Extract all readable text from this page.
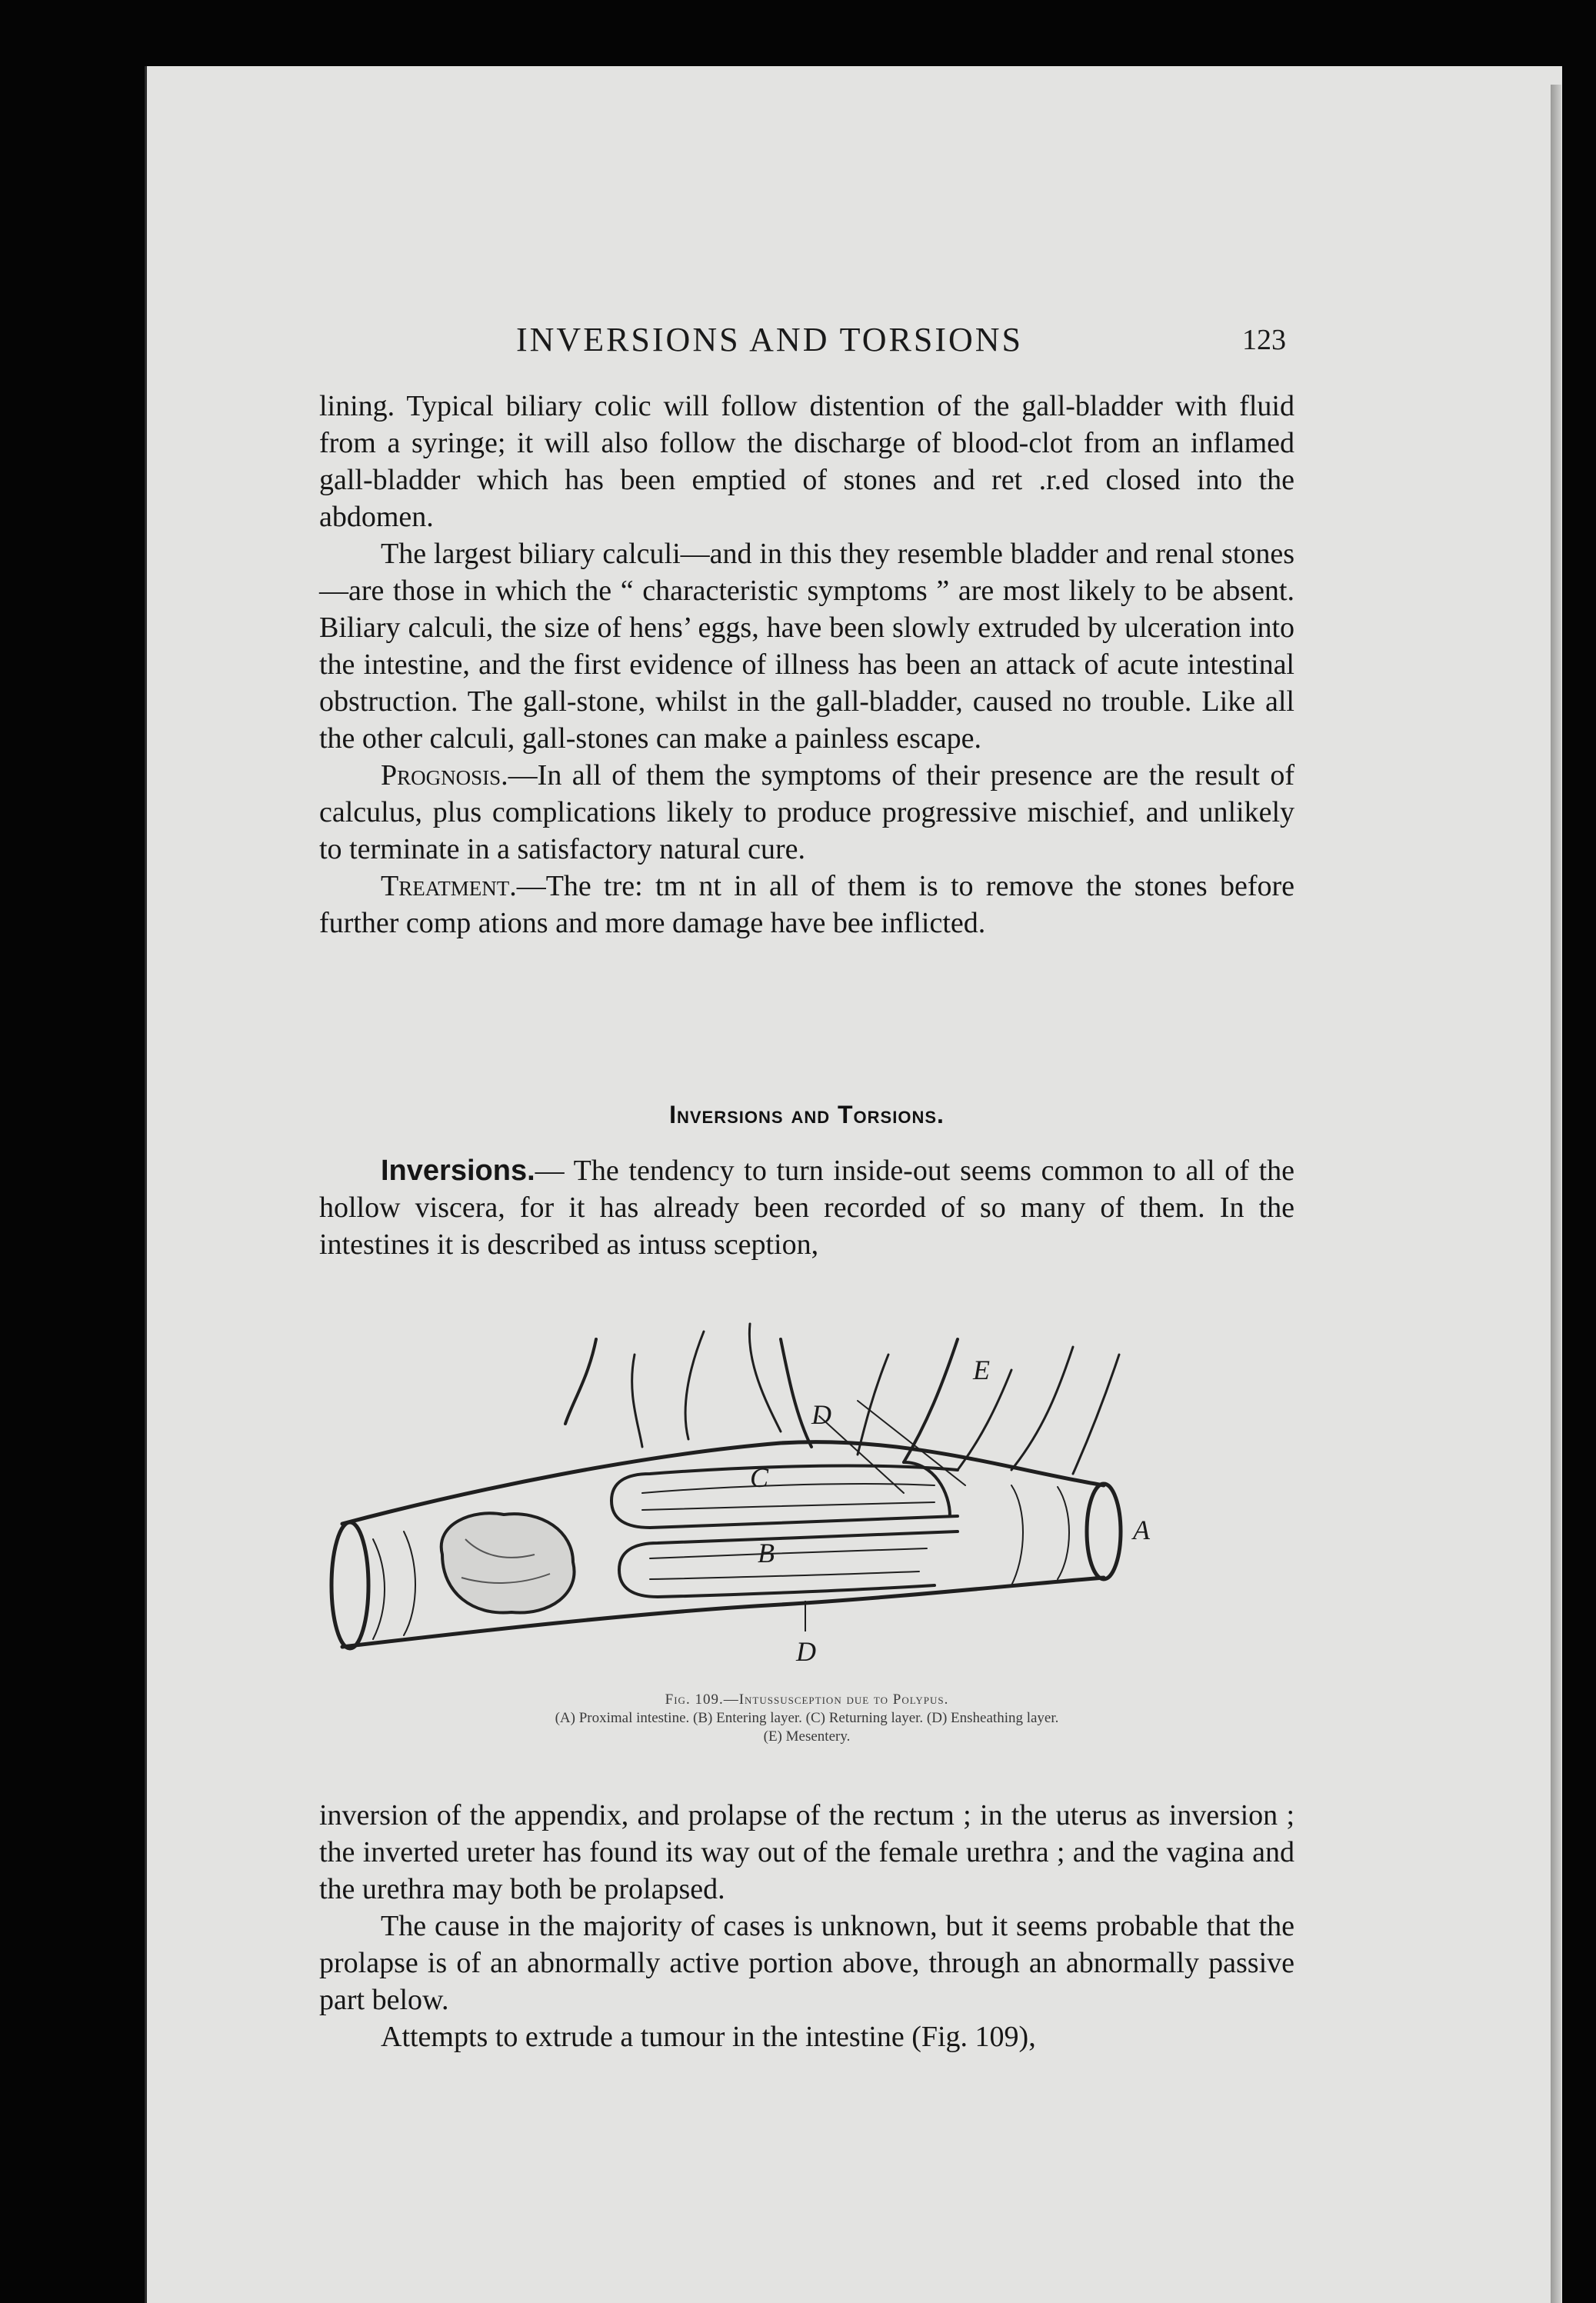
INVERSIONS AND TORSIONS	123

lining. Typical biliary colic will follow distention of the gall-bladder with fluid from a syringe; it will also follow the discharge of blood-clot from an inflamed gall-bladder which has been emptied of stones and ret .r.ed closed into the abdomen.

The largest biliary calculi—and in this they resemble bladder and renal stones—are those in which the “ characteristic symptoms ” are most likely to be absent. Biliary calculi, the size of hens’ eggs, have been slowly extruded by ulceration into the intestine, and the first evidence of illness has been an attack of acute intestinal obstruction. The gall-stone, whilst in the gall-bladder, caused no trouble. Like all the other calculi, gall-stones can make a painless escape.

Prognosis.—In all of them the symptoms of their presence are the result of calculus, plus complications likely to produce progressive mischief, and unlikely to terminate in a satisfactory natural cure.

Treatment.—The tre: tm nt in all of them is to remove the stones before further comp ations and more damage have bee inflicted.

Inversions and Torsions.

Inversions.— The tendency to turn inside-out seems common to all of the hollow viscera, for it has already been recorded of so many of them. In the intestines it is described as intuss sception,

E
D
C
A
B
D
Fig. 109.—Intussusception due to Polypus.
(A) Proximal intestine. (B) Entering layer. (C) Returning layer. (D) Ensheathing layer.
(E) Mesentery.

inversion of the appendix, and prolapse of the rectum ; in the uterus as inversion ; the inverted ureter has found its way out of the female urethra ; and the vagina and the urethra may both be prolapsed.

The cause in the majority of cases is unknown, but it seems probable that the prolapse is of an abnormally active portion above, through an abnormally passive part below.

Attempts to extrude a tumour in the intestine (Fig. 109),
